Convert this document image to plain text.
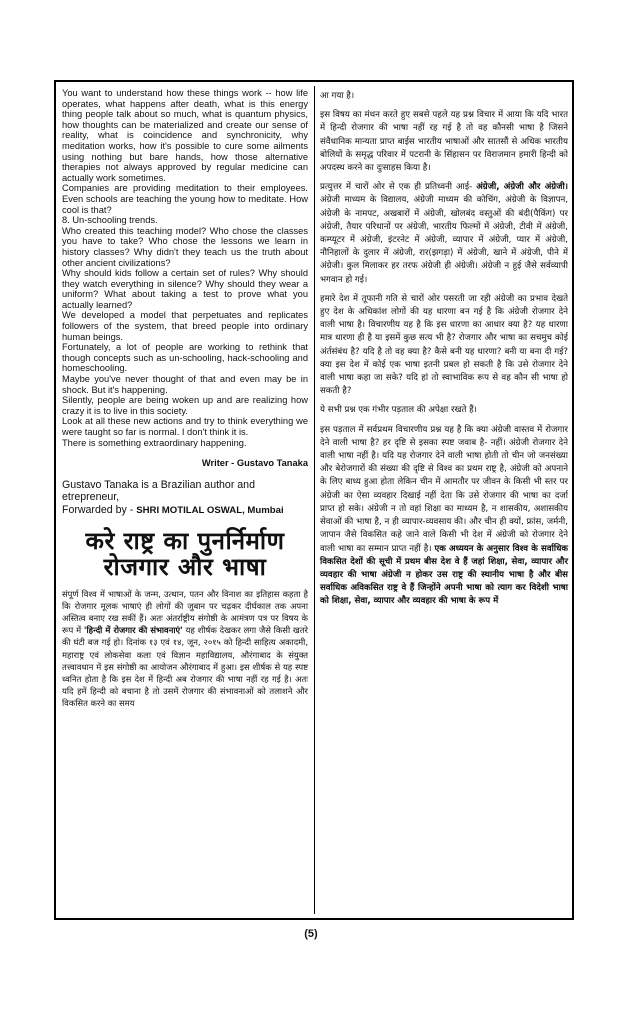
You want to understand how these things work -- how life operates, what happens after death, what is this energy thing people talk about so much, what is quantum physics, how thoughts can be materialized and create our sense of reality, what is coincidence and synchronicity, why meditation works, how it's possible to cure some ailments using nothing but bare hands, how those alternative therapies not always approved by regular medicine can actually work sometimes.

Companies are providing meditation to their employees. Even schools are teaching the young how to meditate. How cool is that?

8. Un-schooling trends.

Who created this teaching model? Who chose the classes you have to take? Who chose the lessons we learn in history classes? Why didn't they teach us the truth about other ancient civilizations?

Why should kids follow a certain set of rules? Why should they watch everything in silence? Why should they wear a uniform? What about taking a test to prove what you actually learned?

We developed a model that perpetuates and replicates followers of the system, that breed people into ordinary human beings.

Fortunately, a lot of people are working to rethink that though concepts such as un-schooling, hack-schooling and homeschooling.

Maybe you've never thought of that and even may be in shock. But it's happening.

Silently, people are being woken up and are realizing how crazy it is to live in this society.

Look at all these new actions and try to think everything we were taught so far is normal. I don't think it is.

There is something extraordinary happening.

Writer - Gustavo Tanaka
Gustavo Tanaka is a Brazilian author and etrepreneur,
Forwarded by - SHRI MOTILAL OSWAL, Mumbai
करे राष्ट्र का पुनर्निर्माण
रोजगार और भाषा
संपूर्ण विश्व में भाषाओं के जन्म, उत्थान, पतन और विनाश का इतिहास कहता है कि रोजगार मूलक भाषाएं ही लोगों की जुबान पर चढ़कर दीर्घकाल तक अपना अस्तित्व बनाए रख सकीं हैं। अतः अंतर्राष्ट्रीय संगोष्ठी के आमंत्रण पत्र पर विषय के रूप में 'हिन्दी में रोजगार की संभावनाएं' यह शीर्षक देखकर लगा जैसे किसी खतरे की घंटी बज गई हो। दिनांक १३ एवं १४, जून, २०१५ को हिन्दी साहित्य अकादमी, महाराष्ट्र एवं लोकसेवा कला एवं विज्ञान महाविद्यालय, औरंगाबाद के संयुक्त तत्त्वावधान में इस संगोष्ठी का आयोजन औरंगाबाद में हुआ। इस शीर्षक से यह स्पष्ट ध्वनित होता है कि इस देश में हिन्दी अब रोजगार की भाषा नहीं रह गई है। अतः यदि हमें हिन्दी को बचाना है तो उसमें रोजगार की संभावनाओं को तलाशने और विकसित करने का समय

आ गया है।

इस विषय का मंथन करते हुए सबसे पहले यह प्रश्न विचार में आया कि यदि भारत में हिन्दी रोजगार की भाषा नहीं रह गई है तो वह कौनसी भाषा है जिसने संवैधानिक मान्यता प्राप्त बाईस भारतीय भाषाओं और सातसौं से अधिक भारतीय बोलियों के समृद्ध परिवार में पटरानी के सिंहासन पर विराजमान हमारी हिन्दी को अपदस्थ करने का दुःसाहस किया है।

प्रत्युत्तर में चारों ओर से एक ही प्रतिध्वनी आई- अंग्रेजी, अंग्रेजी और अंग्रेजी। अंग्रेजी माध्यम के विद्यालय, अंग्रेजी माध्यम की कोचिंग, अंग्रेजी के विज्ञापन, अंग्रेजी के नामपट, अखबारों में अंग्रेजी, खोलबंद वस्तुओं की बंदी(पैकिंग) पर अंग्रेजी, तैयार परिधानों पर अंग्रेजी, भारतीय फिल्मों में अंग्रेजी, टीवी में अंग्रेजी, कम्प्यूटर में अंग्रेजी, इंटरनेट में अंग्रेजी, व्यापार में अंग्रेजी, प्यार में अंग्रेजी, नौनिहालों के दुलार में अंग्रेजी, रार(झगड़ा) में अंग्रेजी, खाने में अंग्रेजी, पीने में अंग्रेजी। कुल मिलाकर हर तरफ अंग्रेजी ही अंग्रेजी। अंग्रेजी न हुई जैसे सर्वव्यापी भगवान हो गई।

हमारे देश में तूफानी गति से चारों ओर पसरती जा रही अंग्रेजी का प्रभाव देखते हुए देश के अधिकांश लोगों की यह धारणा बन गई है कि अंग्रेजी रोजगार देने वाली भाषा है। विचारणीय यह है कि इस धारणा का आधार क्या है? यह धारणा मात्र धारणा ही है या इसमें कुछ सत्य भी है? रोजगार और भाषा का सचमुच कोई अंर्तसंबंध है? यदि है तो वह क्या है? कैसे बनी यह धारणा? बनी या बना दी गई? क्या इस देश में कोई एक भाषा इतनी प्रबल हो सकती है कि उसे रोजगार देने वाली भाषा कहा जा सके? यदि हां तो स्वाभाविक रूप से वह कौन सी भाषा हो सकती है?

ये सभी प्रश्न एक गंभीर पड़ताल की अपेक्षा रखते हैं।

इस पड़ताल में सर्वप्रथम विचारणीय प्रश्न यह है कि क्या अंग्रेजी वास्तव में रोजगार देने वाली भाषा है? हर दृष्टि से इसका स्पष्ट जवाब है- नहीं। अंग्रेजी रोजगार देने वाली भाषा नहीं है। यदि यह रोजगार देने वाली भाषा होती तो चीन जो जनसंख्या और बेरोजगारों की संख्या की दृष्टि से विश्व का प्रथम राष्ट्र है, अंग्रेजी को अपनाने के लिए बाध्य हुआ होता लेकिन चीन में आमतौर पर जीवन के किसी भी स्तर पर अंग्रेजी का ऐसा व्यवहार दिखाई नहीं देता कि उसे रोजगार की भाषा का दर्जा प्राप्त हो सके। अंग्रेजी न तो वहां शिक्षा का माध्यम है, न शासकीय, अशासकीय सेवाओं की भाषा है, न ही व्यापार-व्यवसाय की। और चीन ही क्यों, फ्रांस, जर्मनी, जापान जैसे विकसित कहे जाने वाले किसी भी देश में अंग्रेजी को रोजगार देने वाली भाषा का सम्मान प्राप्त नहीं है। एक अध्ययन के अनुसार विश्व के सर्वाधिक विकसित देशों की सूची में प्रथम बीस देश वे हैं जहां शिक्षा, सेवा, व्यापार और व्यवहार की भाषा अंग्रेजी न होकर उस राष्ट्र की स्थानीय भाषा है और बीस सर्वाधिक अविकसित राष्ट्र वे हैं जिन्होंने अपनी भाषा को त्याग कर विदेशी भाषा को शिक्षा, सेवा, व्यापार और व्यवहार की भाषा के रूप में

(5)
